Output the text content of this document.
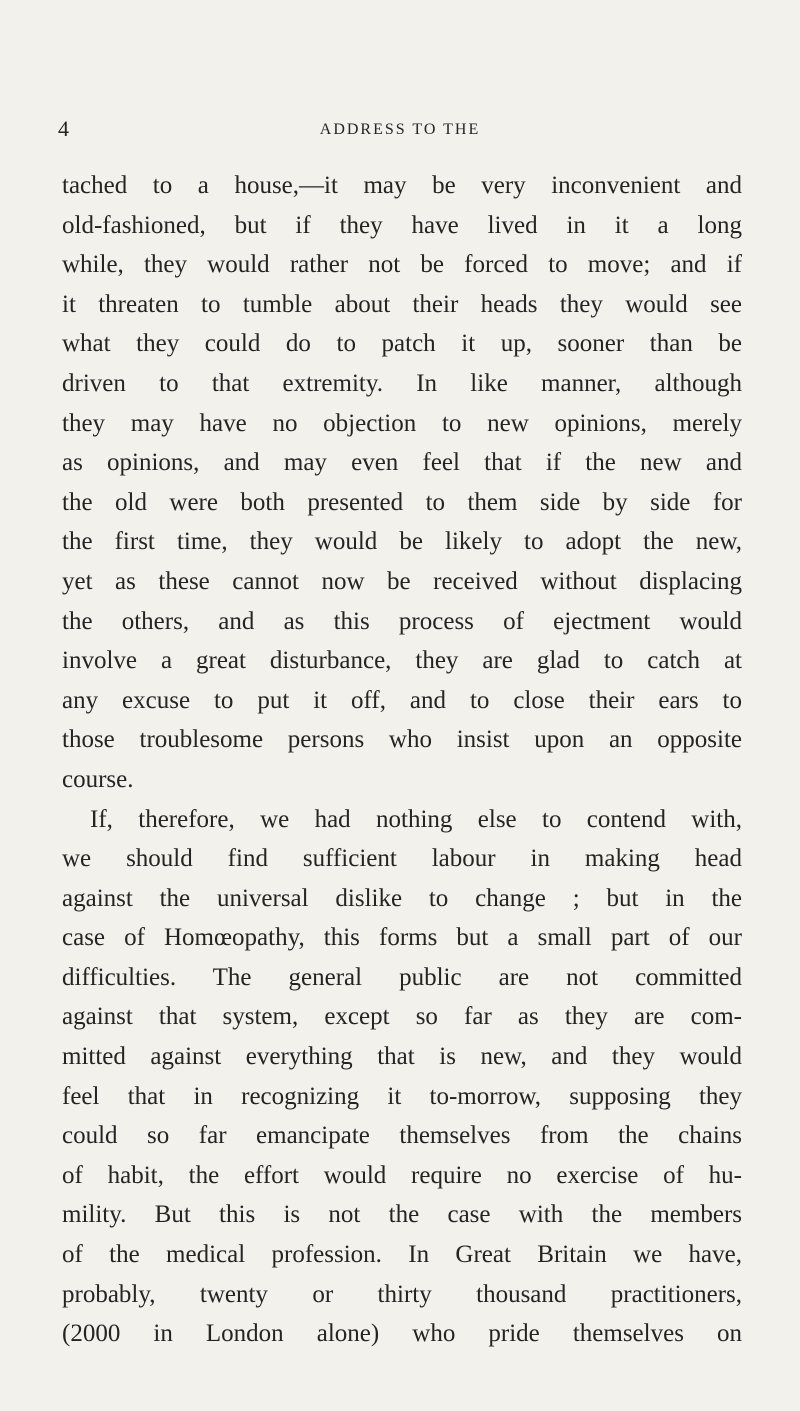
4	ADDRESS TO THE
tached to a house,—it may be very inconvenient and
old-fashioned, but if they have lived in it a long
while, they would rather not be forced to move; and if
it threaten to tumble about their heads they would see
what they could do to patch it up, sooner than be
driven to that extremity. In like manner, although
they may have no objection to new opinions, merely
as opinions, and may even feel that if the new and
the old were both presented to them side by side for
the first time, they would be likely to adopt the new,
yet as these cannot now be received without displacing
the others, and as this process of ejectment would
involve a great disturbance, they are glad to catch at
any excuse to put it off, and to close their ears to
those troublesome persons who insist upon an opposite
course.
If, therefore, we had nothing else to contend with,
we should find sufficient labour in making head
against the universal dislike to change ; but in the
case of Homœopathy, this forms but a small part of our
difficulties. The general public are not committed
against that system, except so far as they are com-
mitted against everything that is new, and they would
feel that in recognizing it to-morrow, supposing they
could so far emancipate themselves from the chains
of habit, the effort would require no exercise of hu-
mility. But this is not the case with the members
of the medical profession. In Great Britain we have,
probably, twenty or thirty thousand practitioners,
(2000 in London alone) who pride themselves on
